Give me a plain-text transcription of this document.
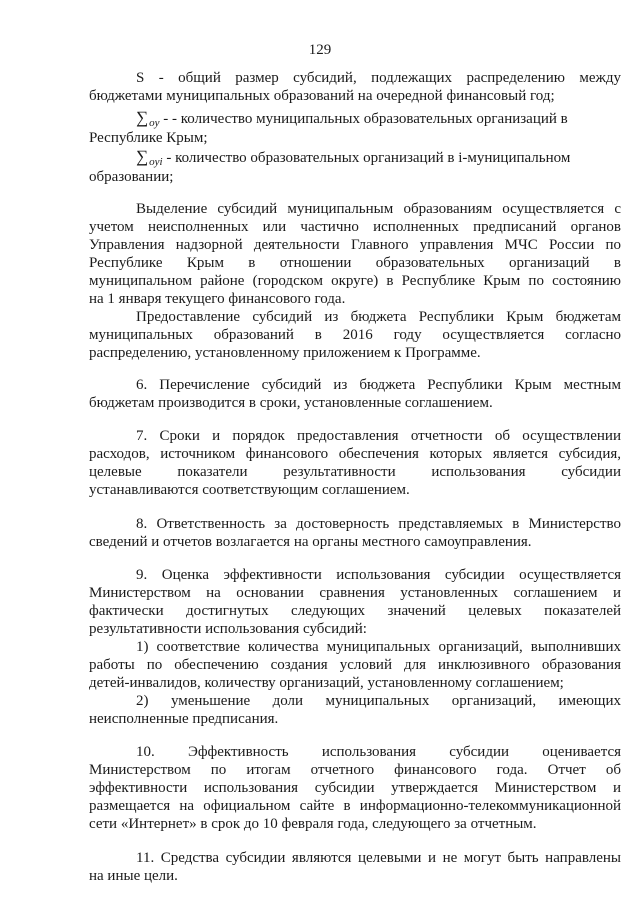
129
S - общий размер субсидий, подлежащих распределению между
бюджетами муниципальных образований на очередной финансовый год;
$\sum_{oy}$ - - количество муниципальных образовательных организаций в
Республике Крым;
$\sum_{oyi}$ - количество образовательных организаций в i-муниципальном
образовании;
Выделение субсидий муниципальным образованиям осуществляется с
учетом неисполненных или частично исполненных предписаний органов
Управления надзорной деятельности Главного управления МЧС России по
Республике Крым в отношении образовательных организаций в
муниципальном районе (городском округе) в Республике Крым по состоянию
на 1 января текущего финансового года.
Предоставление субсидий из бюджета Республики Крым бюджетам
муниципальных образований в 2016 году осуществляется согласно
распределению, установленному приложением к Программе.
6. Перечисление субсидий из бюджета Республики Крым местным
бюджетам производится в сроки, установленные соглашением.
7. Сроки и порядок предоставления отчетности об осуществлении
расходов, источником финансового обеспечения которых является субсидия,
целевые показатели результативности использования субсидии
устанавливаются соответствующим соглашением.
8. Ответственность за достоверность представляемых в Министерство
сведений и отчетов возлагается на органы местного самоуправления.
9. Оценка эффективности использования субсидии осуществляется
Министерством на основании сравнения установленных соглашением и
фактически достигнутых следующих значений целевых показателей
результативности использования субсидий:
1) соответствие количества муниципальных организаций, выполнивших
работы по обеспечению создания условий для инклюзивного образования
детей-инвалидов, количеству организаций, установленному соглашением;
2) уменьшение доли муниципальных организаций, имеющих
неисполненные предписания.
10. Эффективность использования субсидии оценивается
Министерством по итогам отчетного финансового года. Отчет об
эффективности использования субсидии утверждается Министерством и
размещается на официальном сайте в информационно-телекоммуникационной
сети «Интернет» в срок до 10 февраля года, следующего за отчетным.
11. Средства субсидии являются целевыми и не могут быть направлены
на иные цели.
